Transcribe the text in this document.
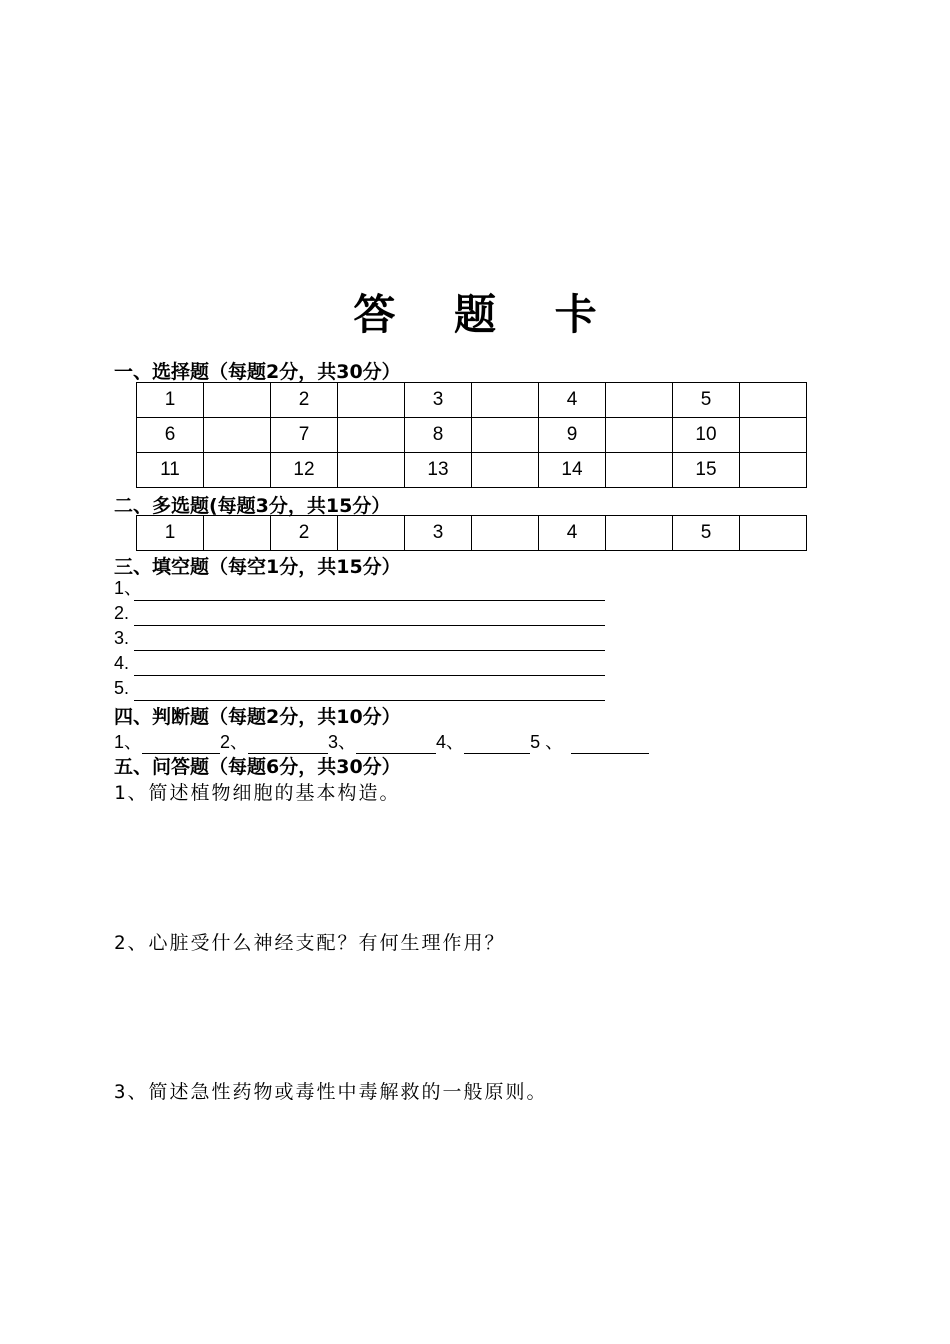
答 题 卡
一、选择题（每题2分，共30分）
1		2		3		4		5	
6		7		8		9		10	
11		12		13		14		15	
二、多选题(每题3分，共15分）
1		2		3		4		5	
三、填空题（每空1分，共15分）
1、
2.
3.
4.
5.
四、判断题（每题2分，共10分）
1、	2、	3、	4、	5 、
五、问答题（每题6分，共30分）
1、简述植物细胞的基本构造。
2、心脏受什么神经支配？有何生理作用？
3、简述急性药物或毒性中毒解救的一般原则。
